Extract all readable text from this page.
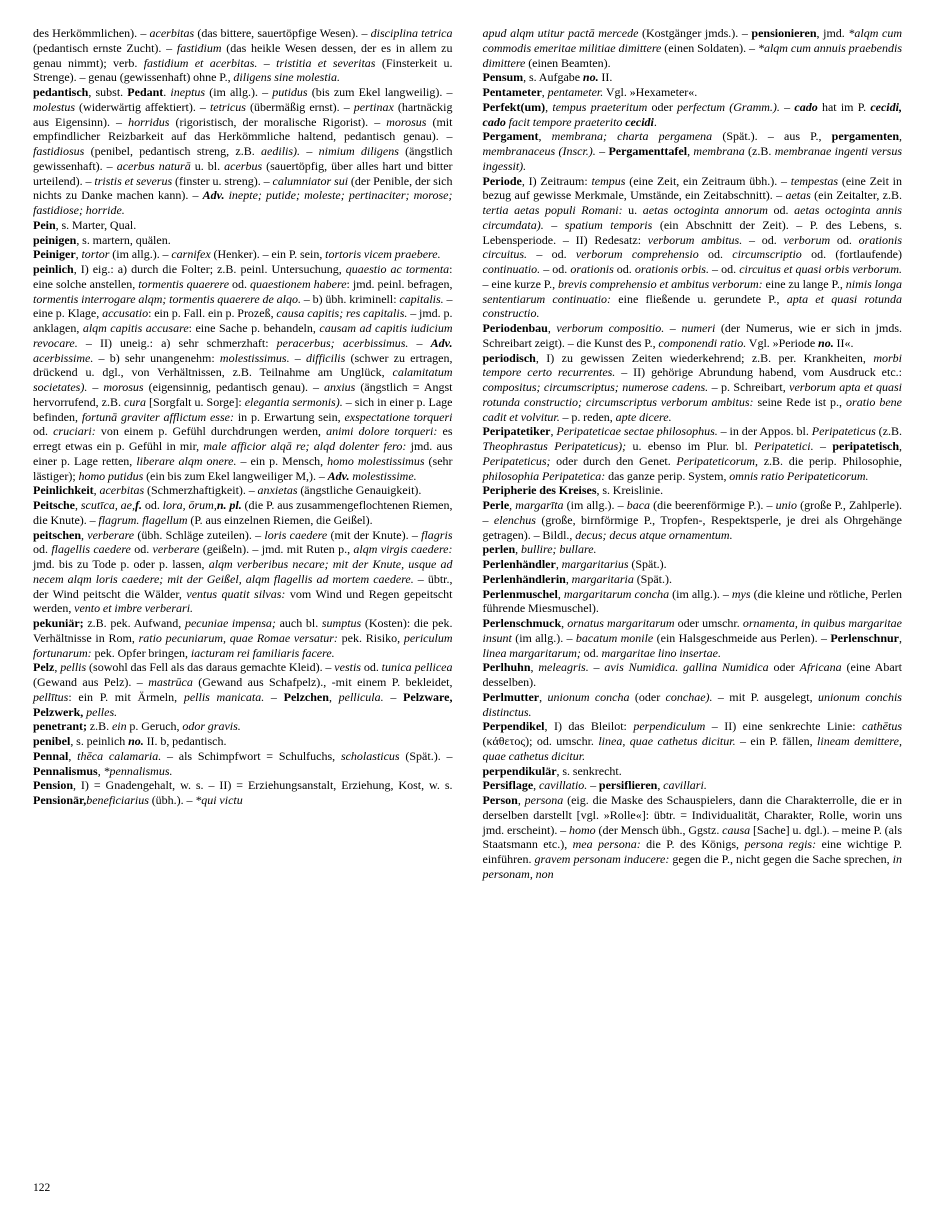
des Herkömmlichen). – acerbitas (das bittere, sauertöpfige Wesen). – disciplina tetrica (pedantisch ernste Zucht). – fastidium (das heikle Wesen dessen, der es in allem zu genau nimmt); verb. fastidium et acerbitas. – tristitia et severitas (Finsterkeit u. Strenge). – genau (gewissenhaft) ohne P., diligens sine molestia.

pedantisch, subst. Pedant. ineptus (im allg.). – putidus (bis zum Ekel langweilig). – molestus (widerwärtig affektiert). – tetricus (übermäßig ernst). – pertinax (hartnäckig aus Eigensinn). – horridus (rigoristisch, der moralische Rigorist). – morosus (mit empfindlicher Reizbarkeit auf das Herkömmliche haltend, pedantisch genau). – fastidiosus (penibel, pedantisch streng, z.B. aedilis). – nimium diligens (ängstlich gewissenhaft). – acerbus naturā u. bl. acerbus (sauertöpfig, über alles hart und bitter urteilend). – tristis et severus (finster u. streng). – calumniator sui (der Penible, der sich nichts zu Danke machen kann). – Adv. inepte; putide; moleste; pertinaciter; morose; fastidiose; horride.

Pein, s. Marter, Qual.

peinigen, s. martern, quälen.

Peiniger, tortor (im allg.). – carnifex (Henker). – ein P. sein, tortoris vicem praebere.

peinlich, I) eig.: a) durch die Folter; z.B. peinl. Untersuchung, quaestio ac tormenta: eine solche anstellen, tormentis quaerere od. quaestionem habere: jmd. peinl. befragen, tormentis interrogare alqm; tormentis quaerere de alqo. – b) übh. kriminell: capitalis. – eine p. Klage, accusatio: ein p. Fall. ein p. Prozeß, causa capitis; res capitalis. – jmd. p. anklagen, alqm capitis accusare: eine Sache p. behandeln, causam ad capitis iudicium revocare. – II) uneig.: a) sehr schmerzhaft: peracerbus; acerbissimus. – Adv. acerbissime. – b) sehr unangenehm: molestissimus. – difficilis (schwer zu ertragen, drückend u. dgl., von Verhältnissen, z.B. Teilnahme am Unglück, calamitatum societates). – morosus (eigensinnig, pedantisch genau). – anxius (ängstlich = Angst hervorrufend, z.B. cura [Sorgfalt u. Sorge]: elegantia sermonis). – sich in einer p. Lage befinden, fortunā graviter afflictum esse: in p. Erwartung sein, exspectatione torqueri od. cruciari: von einem p. Gefühl durchdrungen werden, animi dolore torqueri: es erregt etwas ein p. Gefühl in mir, male afficior alqā re; alqd dolenter fero: jmd. aus einer p. Lage retten, liberare alqm onere. – ein p. Mensch, homo molestissimus (sehr lästiger); homo putidus (ein bis zum Ekel langweiliger M,). – Adv. molestissime.

Peinlichkeit, acerbitas (Schmerzhaftigkeit). – anxietas (ängstliche Genauigkeit).

Peitsche, scutīca, ae,f. od. lora, ōrum,n. pl. (die P. aus zusammengeflochtenen Riemen, die Knute). – flagrum. flagellum (P. aus einzelnen Riemen, die Geißel).

peitschen, verberare (übh. Schläge zuteilen). – loris caedere (mit der Knute). – flagris od. flagellis caedere od. verberare (geißeln). – jmd. mit Ruten p., alqm virgis caedere: jmd. bis zu Tode p. oder p. lassen, alqm verberibus necare; mit der Knute, usque ad necem alqm loris caedere; mit der Geißel, alqm flagellis ad mortem caedere. – übtr., der Wind peitscht die Wälder, ventus quatit silvas: vom Wind und Regen gepeitscht werden, vento et imbre verberari.

pekuniär; z.B. pek. Aufwand, pecuniae impensa; auch bl. sumptus (Kosten): die pek. Verhältnisse in Rom, ratio pecuniarum, quae Romae versatur: pek. Risiko, periculum fortunarum: pek. Opfer bringen, iacturam rei familiaris facere.

Pelz, pellis (sowohl das Fell als das daraus gemachte Kleid). – vestis od. tunica pellicea (Gewand aus Pelz). – mastrūca (Gewand aus Schafpelz)., -mit einem P. bekleidet, pellītus: ein P. mit Ärmeln, pellis manicata. – Pelzchen, pellicula. – Pelzware, Pelzwerk, pelles.

penetrant; z.B. ein p. Geruch, odor gravis.

penibel, s. peinlich no. II. b, pedantisch.

Pennal, thēca calamaria. – als Schimpfwort = Schulfuchs, scholasticus (Spät.). – Pennalismus, *pennalismus.

Pension, I) = Gnadengehalt, w. s. – II) = Erziehungsanstalt, Erziehung, Kost, w. s. Pensionär,beneficiarius (übh.). – *qui victu

apud alqm utitur pactā mercede (Kostgänger jmds.). – pensionieren, jmd. *alqm cum commodis emeritae militiae dimittere (einen Soldaten). – *alqm cum annuis praebendis dimittere (einen Beamten).

Pensum, s. Aufgabe no. II.

Pentameter, pentameter. Vgl. »Hexameter«.

Perfekt(um), tempus praeteritum oder perfectum (Gramm.). – cado hat im P. cecidi, cado facit tempore praeterito cecidi.

Pergament, membrana; charta pergamena (Spät.). – aus P., pergamenten, membranaceus (Inscr.). – Pergamenttafel, membrana (z.B. membranae ingenti versus ingessit).

Periode, I) Zeitraum: tempus (eine Zeit, ein Zeitraum übh.). – tempestas (eine Zeit in bezug auf gewisse Merkmale, Umstände, ein Zeitabschnitt). – aetas (ein Zeitalter, z.B. tertia aetas populi Romani: u. aetas octoginta annorum od. aetas octoginta annis circumdata). – spatium temporis (ein Abschnitt der Zeit). – P. des Lebens, s. Lebensperiode. – II) Redesatz: verborum ambitus. – od. verborum od. orationis circuitus. – od. verborum comprehensio od. circumscriptio od. (fortlaufende) continuatio. – od. orationis od. orationis orbis. – od. circuitus et quasi orbis verborum. – eine kurze P., brevis comprehensio et ambitus verborum: eine zu lange P., nimis longa sententiarum continuatio: eine fließende u. gerundete P., apta et quasi rotunda constructio.

Periodenbau, verborum compositio. – numeri (der Numerus, wie er sich in jmds. Schreibart zeigt). – die Kunst des P., componendi ratio. Vgl. »Periode no. II«.

periodisch, I) zu gewissen Zeiten wiederkehrend; z.B. per. Krankheiten, morbi tempore certo recurrentes. – II) gehörige Abrundung habend, vom Ausdruck etc.: compositus; circumscriptus; numerose cadens. – p. Schreibart, verborum apta et quasi rotunda constructio; circumscriptus verborum ambitus: seine Rede ist p., oratio bene cadit et volvitur. – p. reden, apte dicere.

Peripatetiker, Peripateticae sectae philosophus. – in der Appos. bl. Peripateticus (z.B. Theophrastus Peripateticus); u. ebenso im Plur. bl. Peripatetici. – peripatetisch, Peripateticus; oder durch den Genet. Peripateticorum, z.B. die perip. Philosophie, philosophia Peripatetica: das ganze perip. System, omnis ratio Peripateticorum.

Peripherie des Kreises, s. Kreislinie.

Perle, margarīta (im allg.). – baca (die beerenförmige P.). – unio (große P., Zahlperle). – elenchus (große, birnförmige P., Tropfen-, Respektsperle, je drei als Ohrgehänge getragen). – Bildl., decus; decus atque ornamentum.

perlen, bullire; bullare.

Perlenhändler, margaritarius (Spät.).

Perlenhändlerin, margaritaria (Spät.).

Perlenmuschel, margaritarum concha (im allg.). – mys (die kleine und rötliche, Perlen führende Miesmuschel).

Perlenschmuck, ornatus margaritarum oder umschr. ornamenta, in quibus margaritae insunt (im allg.). – bacatum monile (ein Halsgeschmeide aus Perlen). – Perlenschnur, linea margaritarum; od. margaritae lino insertae.

Perlhuhn, meleagris. – avis Numidica. gallina Numidica oder Africana (eine Abart desselben).

Perlmutter, unionum concha (oder conchae). – mit P. ausgelegt, unionum conchis distinctus.

Perpendikel, I) das Bleilot: perpendiculum – II) eine senkrechte Linie: cathētus (κάθετος); od. umschr. linea, quae cathetus dicitur. – ein P. fällen, lineam demittere, quae cathetus dicitur.

perpendikulär, s. senkrecht.

Persiflage, cavillatio. – persiflieren, cavillari.

Person, persona (eig. die Maske des Schauspielers, dann die Charakterrolle, die er in derselben darstellt [vgl. »Rolle«]: übtr. = Individualität, Charakter, Rolle, worin uns jmd. erscheint). – homo (der Mensch übh., Ggstz. causa [Sache] u. dgl.). – meine P. (als Staatsmann etc.), mea persona: die P. des Königs, persona regis: eine wichtige P. einführen. gravem personam inducere: gegen die P., nicht gegen die Sache sprechen, in personam, non

122
